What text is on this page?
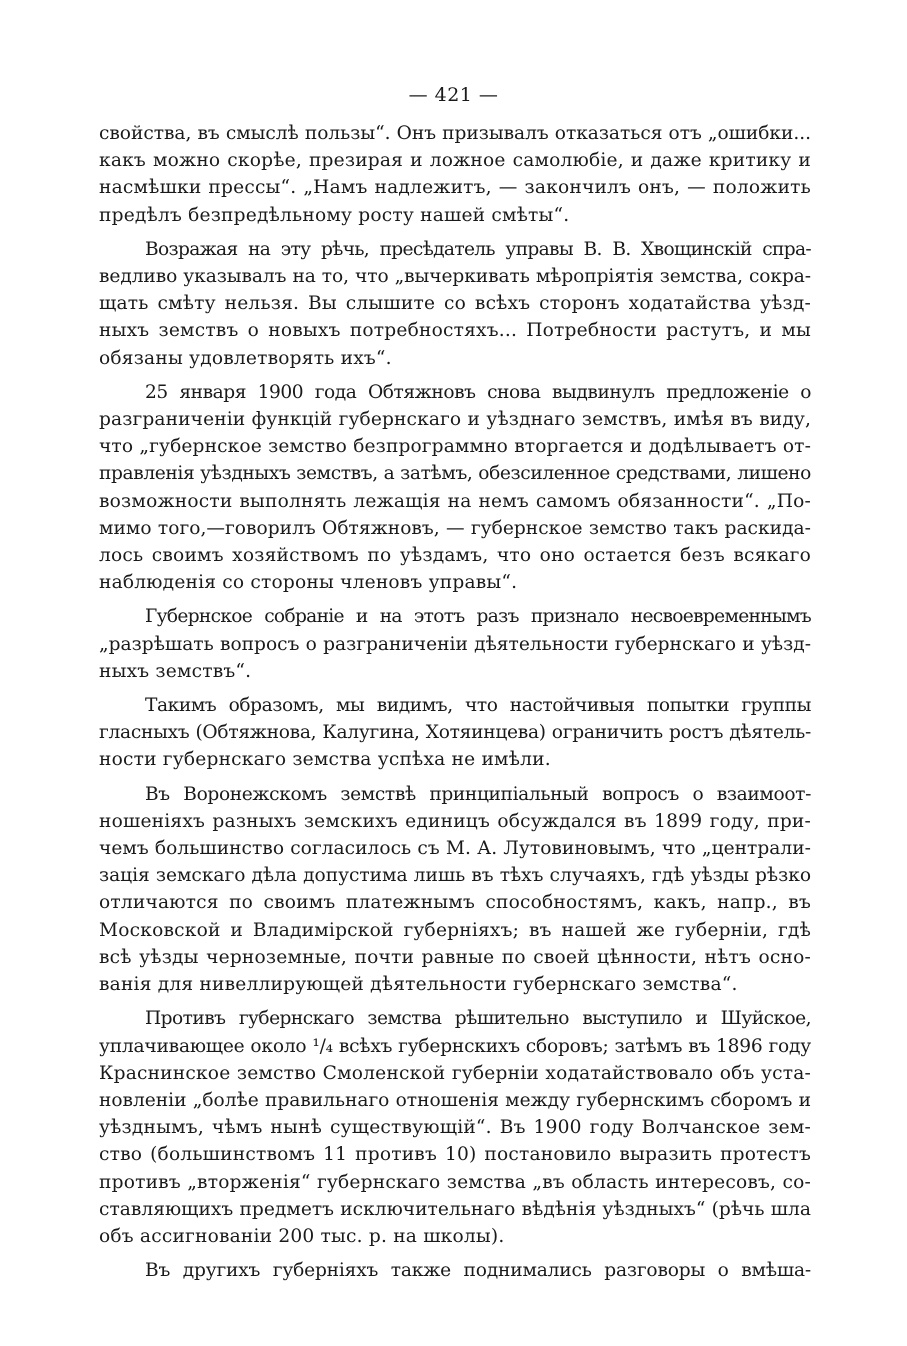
— 421 —
свойства, въ смыслѣ пользы“. Онъ призывалъ отказаться отъ „ошибки...
какъ можно скорѣе, презирая и ложное самолюбіе, и даже критику и
насмѣшки прессы“. „Намъ надлежитъ, — закончилъ онъ, — положить
предѣлъ безпредѣльному росту нашей смѣты“.
Возражая на эту рѣчь, пресѣдатель управы В. В. Хвощинскій спра-
ведливо указывалъ на то, что „вычеркивать мѣропріятія земства, сокра-
щать смѣту нельзя. Вы слышите со всѣхъ сторонъ ходатайства уѣзд-
ныхъ земствъ о новыхъ потребностяхъ... Потребности растутъ, и мы
обязаны удовлетворять ихъ“.
25 января 1900 года Обтяжновъ снова выдвинулъ предложеніе о
разграниченіи функцій губернскаго и уѣзднаго земствъ, имѣя въ виду,
что „губернское земство безпрограммно вторгается и додѣлываетъ от-
правленія уѣздныхъ земствъ, а затѣмъ, обезсиленное средствами, лишено
возможности выполнять лежащія на немъ самомъ обязанности“. „По-
мимо того,—говорилъ Обтяжновъ, — губернское земство такъ раскида-
лось своимъ хозяйствомъ по уѣздамъ, что оно остается безъ всякаго
наблюденія со стороны членовъ управы“.
Губернское собраніе и на этотъ разъ признало несвоевременнымъ
„разрѣшать вопросъ о разграниченіи дѣятельности губернскаго и уѣзд-
ныхъ земствъ“.
Такимъ образомъ, мы видимъ, что настойчивыя попытки группы
гласныхъ (Обтяжнова, Калугина, Хотяинцева) ограничить ростъ дѣятель-
ности губернскаго земства успѣха не имѣли.
Въ Воронежскомъ земствѣ принципіальный вопросъ о взаимоот-
ношеніяхъ разныхъ земскихъ единицъ обсуждался въ 1899 году, при-
чемъ большинство согласилось съ М. А. Лутовиновымъ, что „централи-
зація земскаго дѣла допустима лишь въ тѣхъ случаяхъ, гдѣ уѣзды рѣзко
отличаются по своимъ платежнымъ способностямъ, какъ, напр., въ
Московской и Владимірской губерніяхъ; въ нашей же губерніи, гдѣ
всѣ уѣзды черноземные, почти равные по своей цѣнности, нѣтъ осно-
ванія для нивеллирующей дѣятельности губернскаго земства“.
Противъ губернскаго земства рѣшительно выступило и Шуйское,
уплачивающее около ¹/₄ всѣхъ губернскихъ сборовъ; затѣмъ въ 1896 году
Краснинское земство Смоленской губерніи ходатайствовало объ уста-
новленіи „болѣе правильнаго отношенія между губернскимъ сборомъ и
уѣзднымъ, чѣмъ нынѣ существующій“. Въ 1900 году Волчанское зем-
ство (большинствомъ 11 противъ 10) постановило выразить протестъ
противъ „вторженія“ губернскаго земства „въ область интересовъ, со-
ставляющихъ предметъ исключительнаго вѣдѣнія уѣздныхъ“ (рѣчь шла
объ ассигнованіи 200 тыс. р. на школы).
Въ другихъ губерніяхъ также поднимались разговоры о вмѣша-
